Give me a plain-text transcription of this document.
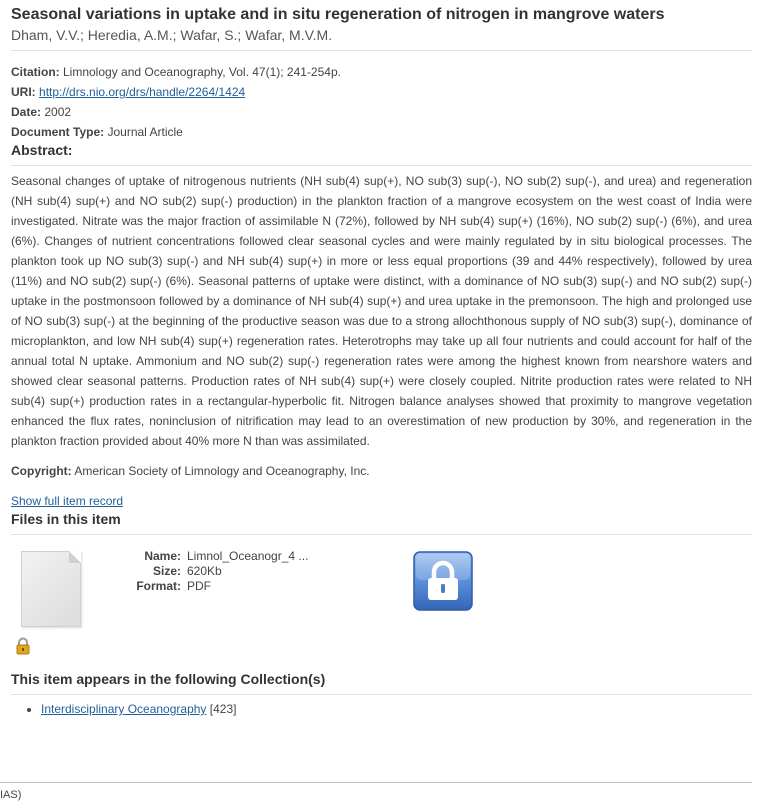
Seasonal variations in uptake and in situ regeneration of nitrogen in mangrove waters
Dham, V.V.; Heredia, A.M.; Wafar, S.; Wafar, M.V.M.
Citation: Limnology and Oceanography, Vol. 47(1); 241-254p.
URI: http://drs.nio.org/drs/handle/2264/1424
Date: 2002
Document Type: Journal Article
Abstract:
Seasonal changes of uptake of nitrogenous nutrients (NH sub(4) sup(+), NO sub(3) sup(-), NO sub(2) sup(-), and urea) and regeneration (NH sub(4) sup(+) and NO sub(2) sup(-) production) in the plankton fraction of a mangrove ecosystem on the west coast of India were investigated. Nitrate was the major fraction of assimilable N (72%), followed by NH sub(4) sup(+) (16%), NO sub(2) sup(-) (6%), and urea (6%). Changes of nutrient concentrations followed clear seasonal cycles and were mainly regulated by in situ biological processes. The plankton took up NO sub(3) sup(-) and NH sub(4) sup(+) in more or less equal proportions (39 and 44% respectively), followed by urea (11%) and NO sub(2) sup(-) (6%). Seasonal patterns of uptake were distinct, with a dominance of NO sub(3) sup(-) and NO sub(2) sup(-) uptake in the postmonsoon followed by a dominance of NH sub(4) sup(+) and urea uptake in the premonsoon. The high and prolonged use of NO sub(3) sup(-) at the beginning of the productive season was due to a strong allochthonous supply of NO sub(3) sup(-), dominance of microplankton, and low NH sub(4) sup(+) regeneration rates. Heterotrophs may take up all four nutrients and could account for half of the annual total N uptake. Ammonium and NO sub(2) sup(-) regeneration rates were among the highest known from nearshore waters and showed clear seasonal patterns. Production rates of NH sub(4) sup(+) were closely coupled. Nitrite production rates were related to NH sub(4) sup(+) production rates in a rectangular-hyperbolic fit. Nitrogen balance analyses showed that proximity to mangrove vegetation enhanced the flux rates, noninclusion of nitrification may lead to an overestimation of new production by 30%, and regeneration in the plankton fraction provided about 40% more N than was assimilated.
Copyright: American Society of Limnology and Oceanography, Inc.
Show full item record
Files in this item
Name: Limnol_Oceanogr_4 ...
Size: 620Kb
Format: PDF
This item appears in the following Collection(s)
• Interdisciplinary Oceanography [423]
IAS)
